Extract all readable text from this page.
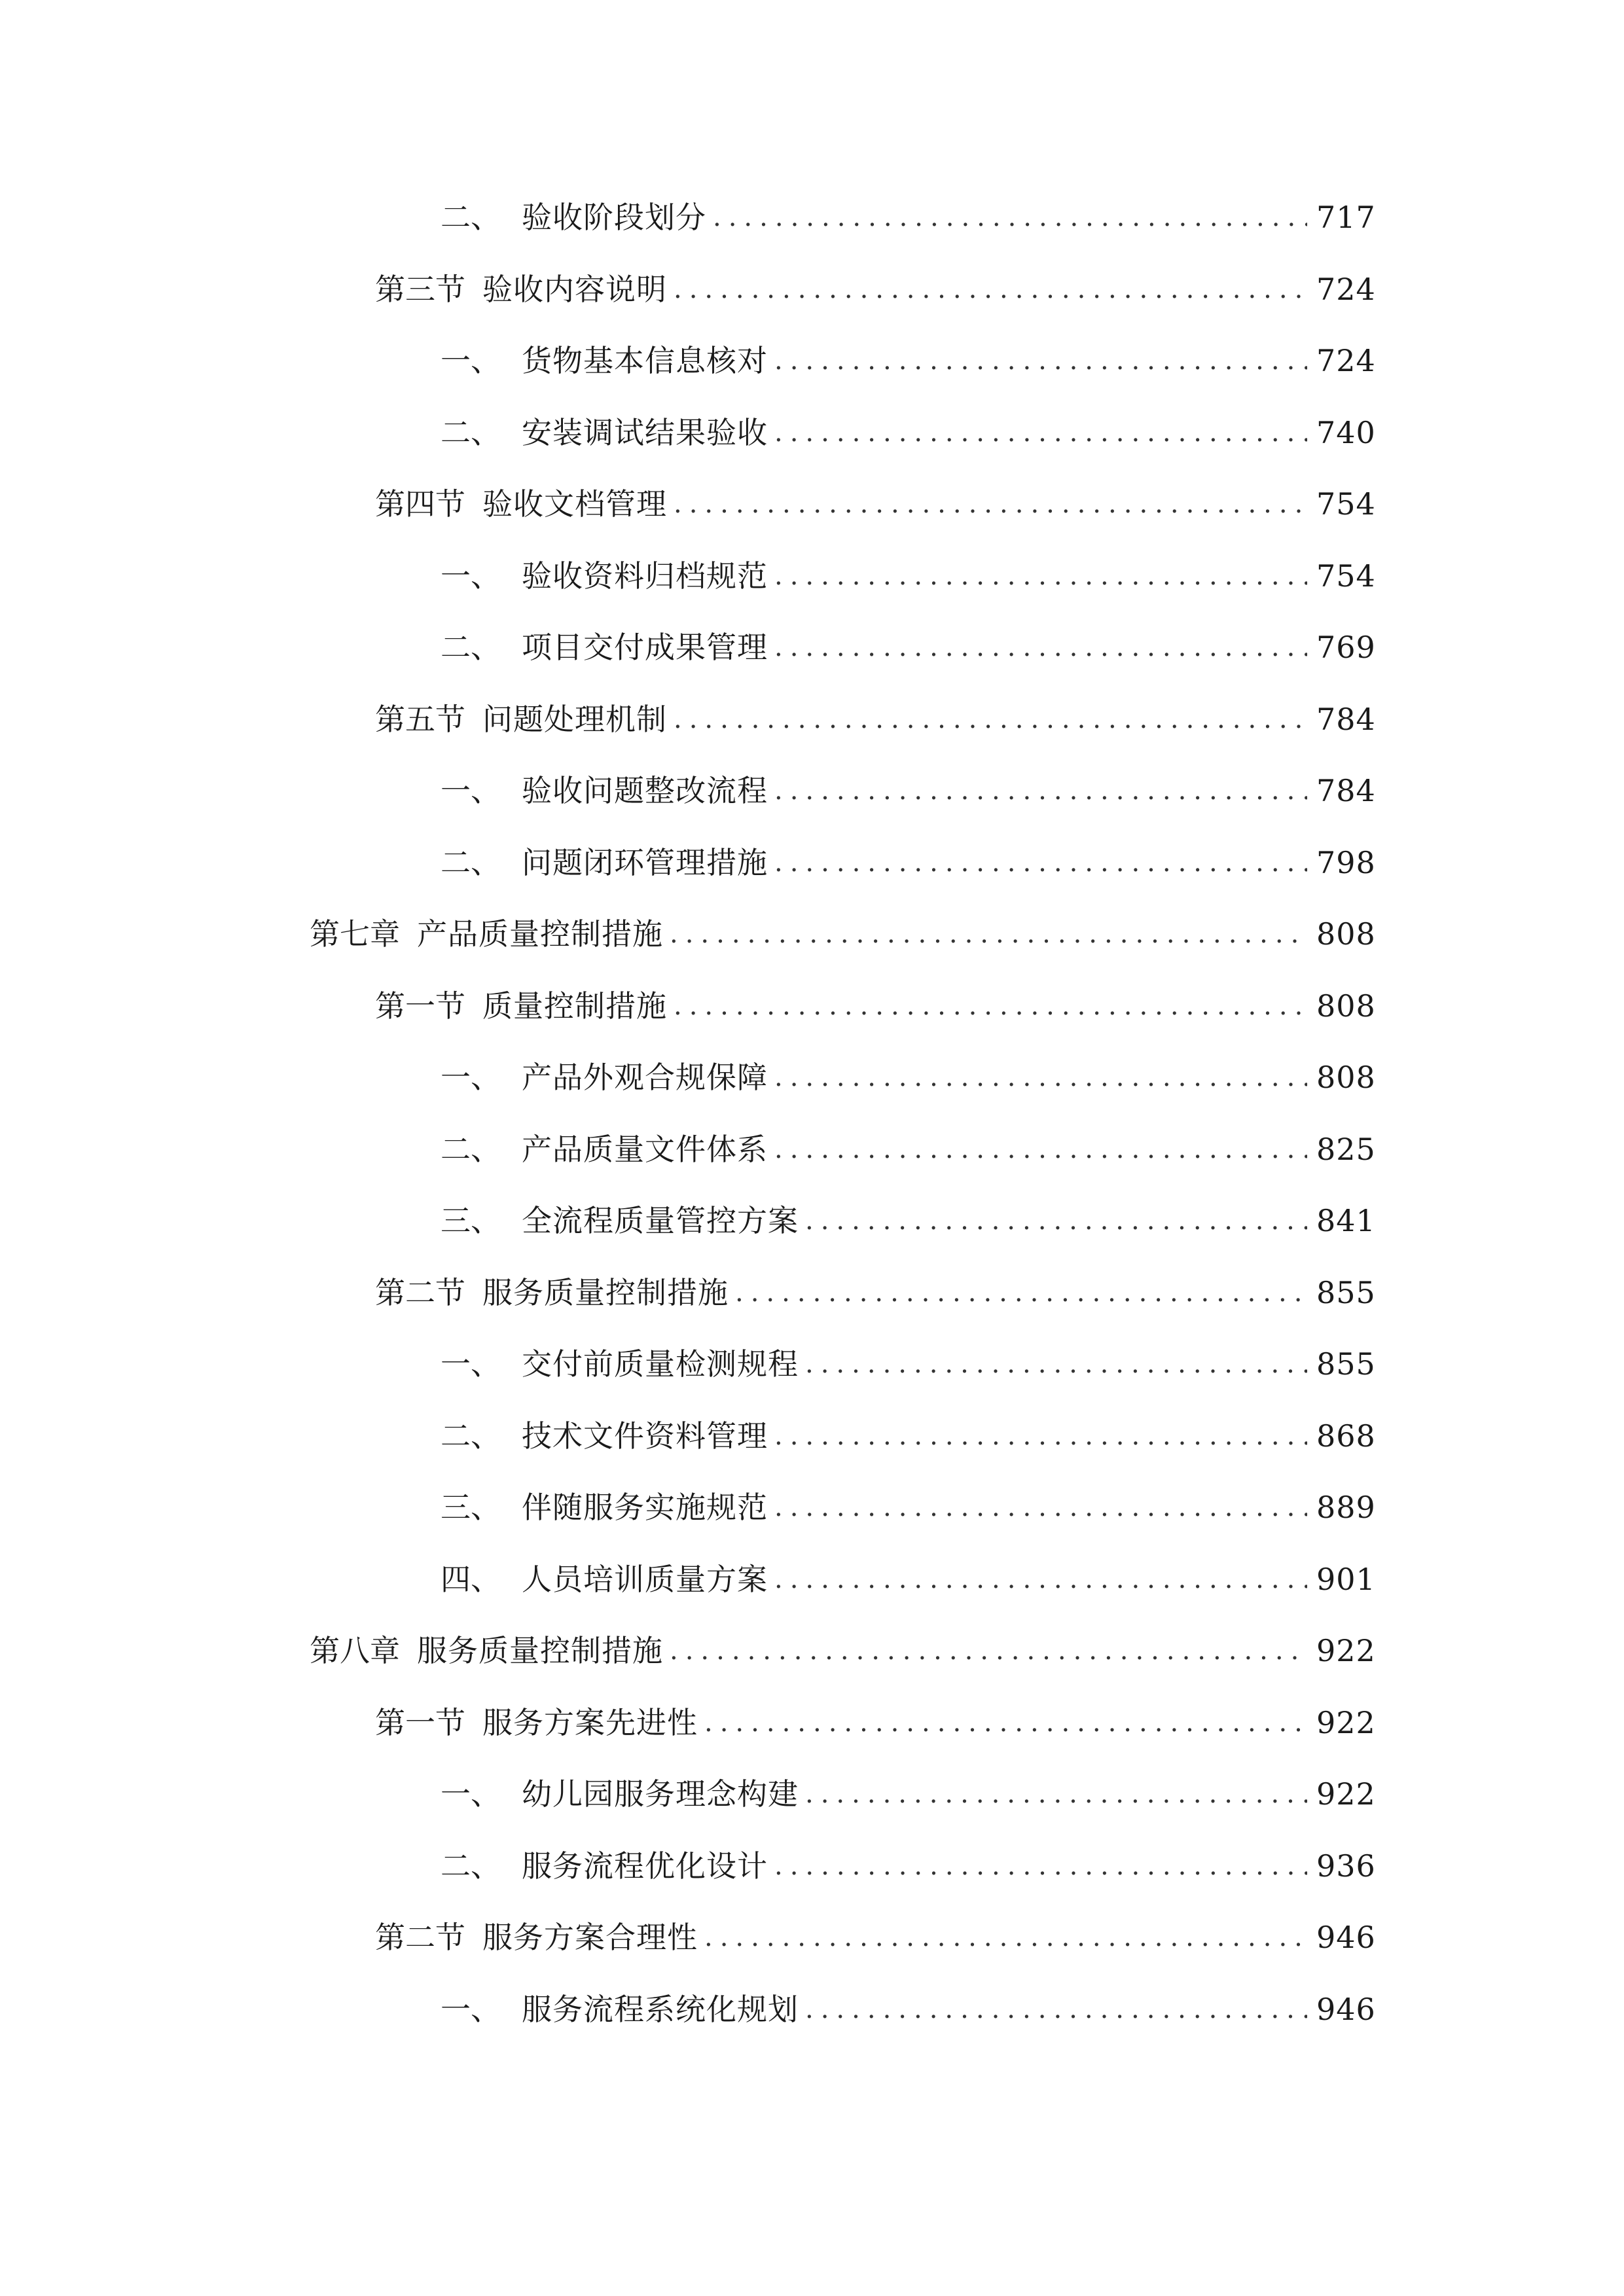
二、 验收阶段划分 .....	717
第三节 验收内容说明 .....	724
一、 货物基本信息核对 .....	724
二、 安装调试结果验收 .....	740
第四节 验收文档管理 .....	754
一、 验收资料归档规范 .....	754
二、 项目交付成果管理 .....	769
第五节 问题处理机制 .....	784
一、 验收问题整改流程 .....	784
二、 问题闭环管理措施 .....	798
第七章 产品质量控制措施 .....	808
第一节 质量控制措施 .....	808
一、 产品外观合规保障 .....	808
二、 产品质量文件体系 .....	825
三、 全流程质量管控方案 .....	841
第二节 服务质量控制措施 .....	855
一、 交付前质量检测规程 .....	855
二、 技术文件资料管理 .....	868
三、 伴随服务实施规范 .....	889
四、 人员培训质量方案 .....	901
第八章 服务质量控制措施 .....	922
第一节 服务方案先进性 .....	922
一、 幼儿园服务理念构建 .....	922
二、 服务流程优化设计 .....	936
第二节 服务方案合理性 .....	946
一、 服务流程系统化规划 .....	946
